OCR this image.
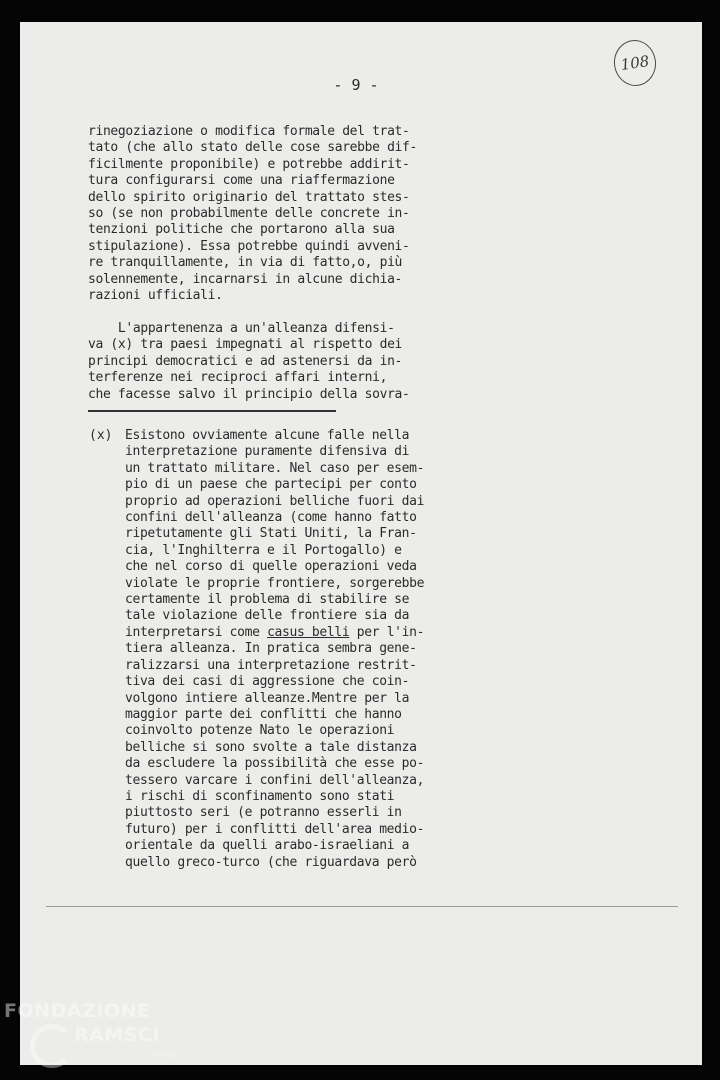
- 9 -
108
rinegoziazione o modifica formale del trat-
tato (che allo stato delle cose sarebbe dif-
ficilmente proponibile) e potrebbe addirit-
tura configurarsi come una riaffermazione
dello spirito originario del trattato stes-
so (se non probabilmente delle concrete in-
tenzioni politiche che portarono alla sua
stipulazione). Essa potrebbe quindi avveni-
re tranquillamente, in via di fatto,o, più
solennemente, incarnarsi in alcune dichia-
razioni ufficiali.

L'appartenenza a un'alleanza difensi-
va (x) tra paesi impegnati al rispetto dei
principi democratici e ad astenersi da in-
terferenze nei reciproci affari interni,
che facesse salvo il principio della sovra-
(x) Esistono ovviamente alcune falle nella
interpretazione puramente difensiva di
un trattato militare. Nel caso per esem-
pio di un paese che partecipi per conto
proprio ad operazioni belliche fuori dai
confini dell'alleanza (come hanno fatto
ripetutamente gli Stati Uniti, la Fran-
cia, l'Inghilterra e il Portogallo) e
che nel corso di quelle operazioni veda
violate le proprie frontiere, sorgerebbe
certamente il problema di stabilire se
tale violazione delle frontiere sia da
interpretarsi come casus belli per l'in-
tiera alleanza. In pratica sembra gene-
ralizzarsi una interpretazione restrit-
tiva dei casi di aggressione che coin-
volgono intiere alleanze.Mentre per la
maggior parte dei conflitti che hanno
coinvolto potenze Nato le operazioni
belliche si sono svolte a tale distanza
da escludere la possibilità che esse po-
tessero varcare i confini dell'alleanza,
i rischi di sconfinamento sono stati
piuttosto seri (e potranno esserli in
futuro) per i conflitti dell'area medio-
orientale da quelli arabo-israeliani a
quello greco-turco (che riguardava però
FONDAZIONE
RAMSCI
onlus
